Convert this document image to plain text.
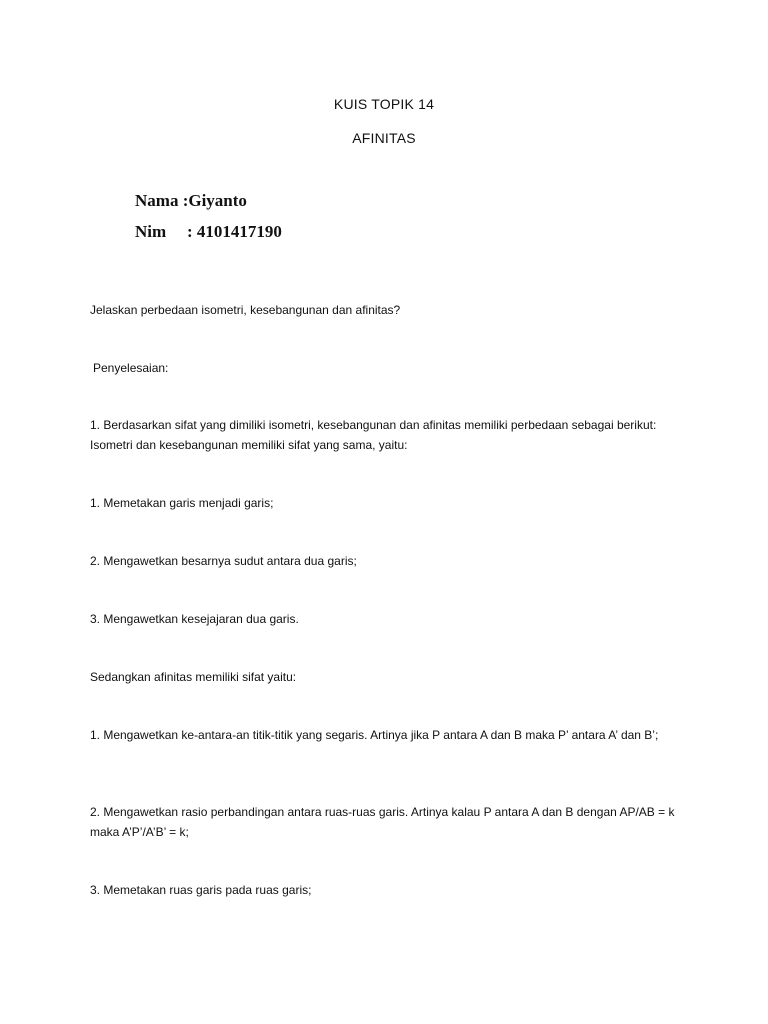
KUIS TOPIK 14
AFINITAS
Nama :Giyanto
Nim : 4101417190

Jelaskan perbedaan isometri, kesebangunan dan afinitas?

Penyelesaian:

1. Berdasarkan sifat yang dimiliki isometri, kesebangunan dan afinitas memiliki perbedaan sebagai berikut: Isometri dan kesebangunan memiliki sifat yang sama, yaitu:

1. Memetakan garis menjadi garis;

2. Mengawetkan besarnya sudut antara dua garis;

3. Mengawetkan kesejajaran dua garis.

Sedangkan afinitas memiliki sifat yaitu:

1. Mengawetkan ke-antara-an titik-titik yang segaris. Artinya jika P antara A dan B maka P’ antara A’ dan B’;

2. Mengawetkan rasio perbandingan antara ruas-ruas garis. Artinya kalau P antara A dan B dengan AP/AB = k maka A’P’/A’B’ = k;

3. Memetakan ruas garis pada ruas garis;
